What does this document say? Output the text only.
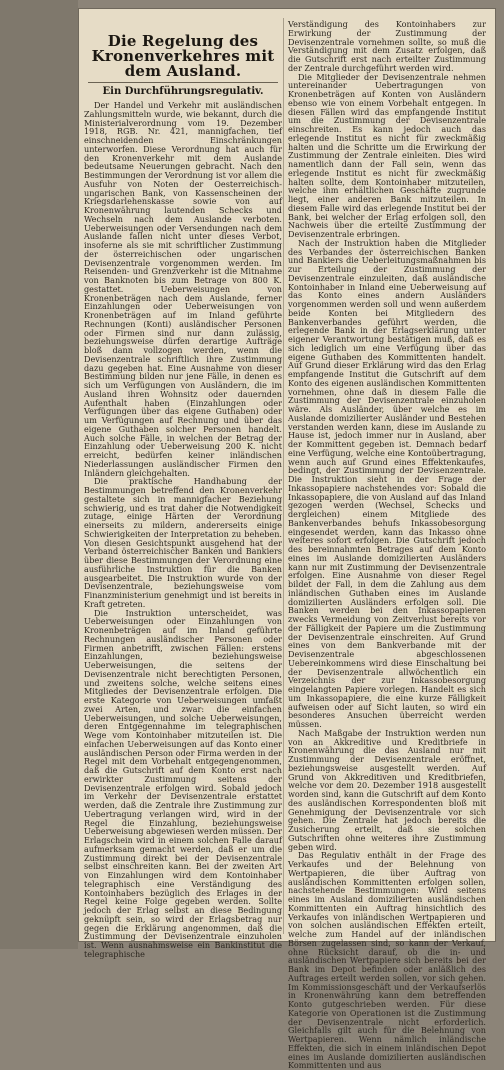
Die Regelung des Kronenverkehres mit dem Ausland.
Ein Durchführungsregulativ.

Der Handel und Verkehr mit ausländischen Zahlungsmitteln wurde, wie bekannt, durch die Ministerialverordnung vom 19. Dezember 1918, RGB. Nr. 421, mannigfachen, tief einschneidenden Einschränkungen unterworfen. Diese Verordnung hat auch für den Kronenverkehr mit dem Auslande bedeutsame Neuerungen gebracht. Nach den Bestimmungen der Verordnung ist vor allem die Ausfuhr von Noten der Oesterreichisch-ungarischen Bank, von Kassenscheinen der Kriegsdarlehenskasse sowie von auf Kronenwährung lautenden Schecks und Wechseln nach dem Auslande verboten. Ueberweisungen oder Versendungen nach dem Auslande fallen nicht unter dieses Verbot, insoferne als sie mit schriftlicher Zustimmung der österreichischen oder ungarischen Devisenzentrale vorgenommen werden. Im Reisenden- und Grenzverkehr ist die Mitnahme von Banknoten bis zum Betrage von 800 K. gestattet. Ueberweisungen von Kronenbeträgen nach dem Auslande, ferner Einzahlungen oder Ueberweisungen von Kronenbeträgen auf im Inland geführte Rechnungen (Konti) ausländischer Personen oder Firmen sind nur dann zulässig, beziehungsweise dürfen derartige Aufträge bloß dann vollzogen werden, wenn die Devisenzentrale schriftlich ihre Zustimmung dazu gegeben hat. Eine Ausnahme von dieser Bestimmung bilden nur jene Fälle, in denen es sich um Verfügungen von Ausländern, die im Ausland ihren Wohnsitz oder dauernden Aufenthalt haben (Einzahlungen oder Verfügungen über das eigene Guthaben) oder um Verfügungen auf Rechnung und über das eigene Guthaben solcher Personen handelt. Auch solche Fälle, in welchen der Betrag der Einzahlung oder Ueberweisung 200 K. nicht erreicht, bedürfen keiner inländischen Niederlassungen ausländischer Firmen den Inländern gleichgehalten.

Die praktische Handhabung der Bestimmungen betreffend den Kronenverkehr gestaltete sich in mannigfacher Beziehung schwierig, und es trat daher die Notwendigkeit zutage, einige Härten der Verordnung einerseits zu mildern, andererseits einige Schwierigkeiten der Interpretation zu beheben. Von diesen Gesichtspunkt ausgehend hat der Verband österreichischer Banken und Bankiers über diese Bestimmungen der Verordnung eine ausführliche Instruktion für die Banken ausgearbeitet. Die Instruktion wurde von der Devisenzentrale, beziehungsweise vom Finanzministerium genehmigt und ist bereits in Kraft getreten.

Die Instruktion unterscheidet, was Ueberweisungen oder Einzahlungen von Kronenbeträgen auf im Inland geführte Rechnungen ausländischer Personen oder Firmen anbetrifft, zwischen Fällen: erstens Einzahlungen, beziehungsweise Ueberweisungen, die seitens der Devisenzentrale nicht berechtigten Personen, und zweitens solche, welche seitens eines Mitgliedes der Devisenzentrale erfolgen. Die erste Kategorie von Ueberweisungen umfaßt zwei Arten, und zwar: die einfachen Ueberweisungen, und solche Ueberweisungen, deren Entgegennahme im telegraphischen Wege vom Kontoinhaber mitzuteilen ist. Die einfachen Ueberweisungen auf das Konto einer ausländischen Person oder Firma werden in der Regel mit dem Vorbehalt entgegengenommen, daß die Gutschrift auf dem Konto erst nach erwirkter Zustimmung seitens der Devisenzentrale erfolgen wird. Sobald jedoch im Verkehr der Devisenzentrale erstattet werden, daß die Zentrale ihre Zustimmung zur Uebertragung verlangen wird, wird in der Regel die Einzahlung, beziehungsweise Ueberweisung abgewiesen werden müssen. Der Erlagschein wird in einem solchen Falle darauf aufmerksam gemacht werden, daß er um die Zustimmung direkt bei der Devisenzentrale selbst einschreiten kann. Bei der zweiten Art von Einzahlungen wird dem Kontoinhaber telegraphisch eine Verständigung des Kontoinhabers bezüglich des Erlages in der Regel keine Folge gegeben werden. Sollte jedoch der Erlag selbst an diese Bedingung geknüpft sein, so wird der Erlagsbetrag nur gegen die Erklärung angenommen, daß die Zustimmung der Devisenzentrale einzuholen ist. Wenn ausnahmsweise ein Bankinstitut die telegraphische

Verständigung des Kontoinhabers zur Erwirkung der Zustimmung der Devisenzentrale vornehmen sollte, so muß die Verständigung mit dem Zusatz erfolgen, daß die Gutschrift erst nach erteilter Zustimmung der Zentrale durchgeführt werden wird.

Die Mitglieder der Devisenzentrale nehmen untereinander Uebertragungen von Kronenbeträgen auf Konten von Ausländern ebenso wie von einem Vorbehalt entgegen. In diesen Fällen wird das empfangende Institut um die Zustimmung der Devisenzentrale einschreiten. Es kann jedoch auch das erlegende Institut es nicht für zweckmäßig halten und die Schritte um die Erwirkung der Zustimmung der Zentrale einleiten. Dies wird namentlich dann der Fall sein, wenn das erlegende Institut es nicht für zweckmäßig halten sollte, dem Kontoinhaber mitzuteilen, welche ihm erhältlichen Geschäfte zugrunde liegt, einer anderen Bank mitzuteilen. In diesem Falle wird das erlegende Institut bei der Bank, bei welcher der Erlag erfolgen soll, den Nachweis über die erteilte Zustimmung der Devisenzentrale erbringen.

Nach der Instruktion haben die Mitglieder des Verbandes der österreichischen Banken und Bankiers die Ueberleitungsmaßnahmen bis zur Erteilung der Zustimmung der Devisenzentrale einzuleiten, daß ausländische Kontoinhaber in Inland eine Ueberweisung auf das Konto eines andern Ausländers vorgenommen werden soll und wenn außerdem beide Konten bei Mitgliedern des Bankenverbandes geführt werden, die erlegende Bank in der Erlagserklärung unter eigener Verantwortung bestätigen muß, daß es sich lediglich um eine Verfügung über das eigene Guthaben des Kommittenten handelt. Auf Grund dieser Erklärung wird das den Erlag empfangende Institut die Gutschrift auf dem Konto des eigenen ausländischen Kommittenten vornehmen, ohne daß in diesem Falle die Zustimmung der Devisenzentrale einzuholen wäre. Als Ausländer, über welche es im Auslande domizilierter Ausländer und Bestehen verstanden werden kann, diese im Auslande zu Hause ist, jedoch immer nur in Ausland, aber der Kommittent gegeben ist. Demnach bedarf eine Verfügung, welche eine Kontoübertragung, wenn auch auf Grund eines Effektenkaufes, bedingt, der Zustimmung der Devisenzentrale. Die Instruktion sieht in der Frage der Inkassopapiere nachstehendes vor: Sobald die Inkassopapiere, die von Ausland auf das Inland gezogen werden (Wechsel, Schecks und dergleichen) einem Mitgliede des Bankenverbandes behufs Inkassobesorgung eingesendet werden, kann das Inkasso ohne weiteres sofort erfolgen. Die Gutschrift jedoch des bereinnahmten Betrages auf dem Konto eines im Auslande domizilierten Ausländers kann nur mit Zustimmung der Devisenzentrale erfolgen. Eine Ausnahme von dieser Regel bildet der Fall, in dem die Zahlung aus dem inländischen Guthaben eines im Auslande domizilierten Ausländers erfolgen soll. Die Banken werden bei den Inkassopapieren zwecks Vermeidung von Zeitverlust bereits vor der Fälligkeit der Papiere um die Zustimmung der Devisenzentrale einschreiten. Auf Grund eines von dem Bankverbande mit der Devisenzentrale abgeschlossenen Uebereinkommens wird diese Einschaltung bei der Devisenzentrale allwöchentlich ein Verzeichnis der zur Inkassobesorgung eingelangten Papiere vorlegen. Handelt es sich um Inkassopapiere, die eine kurze Fälligkeit aufweisen oder auf Sicht lauten, so wird ein besonderes Ansuchen überreicht werden müssen.

Nach Maßgabe der Instruktion werden nun von an Akkreditive und Kreditbriefe in Kronenwährung die das Ausland nur mit Zustimmung der Devisenzentrale eröffnet, beziehungsweise ausgestellt werden. Auf Grund von Akkreditiven und Kreditbriefen, welche vor dem 20. Dezember 1918 ausgestellt worden sind, kann die Gutschrift auf dem Konto des ausländischen Korrespondenten bloß mit Genehmigung der Devisenzentrale vor sich gehen. Die Zentrale hat jedoch bereits die Zusicherung erteilt, daß sie solchen Gutschriften ohne weiteres ihre Zustimmung geben wird.

Das Regulativ enthält in der Frage des Verkaufes und der Belehnung von Wertpapieren, die über Auftrag von ausländischen Kommittenten erfolgen sollen, nachstehende Bestimmungen: Wird seitens eines im Ausland domizilierten ausländischen Kommittenten ein Auftrag hinsichtlich des Verkaufes von inländischen Wertpapieren und von solchen ausländischen Effekten erteilt, welche zum Handel auf der inländischen Börsen zugelassen sind, so kann der Verkauf, ohne Rücksicht darauf, ob die in- und ausländischen Wertpapiere sich bereits bei der Bank im Depot befinden oder anläßlich des Auftrages erteilt werden sollen, vor sich gehen. Im Kommissionsgeschäft und der Verkaufserlös in Kronenwährung kann dem betreffenden Konto gutgeschrieben werden. Für diese Kategorie von Operationen ist die Zustimmung der Devisenzentrale nicht erforderlich. Gleichfalls gilt auch für die Belehnung von Wertpapieren. Wenn nämlich inländische Effekten, die sich in einem inländischen Depot eines im Auslande domizilierten ausländischen Kommittenten und aus
